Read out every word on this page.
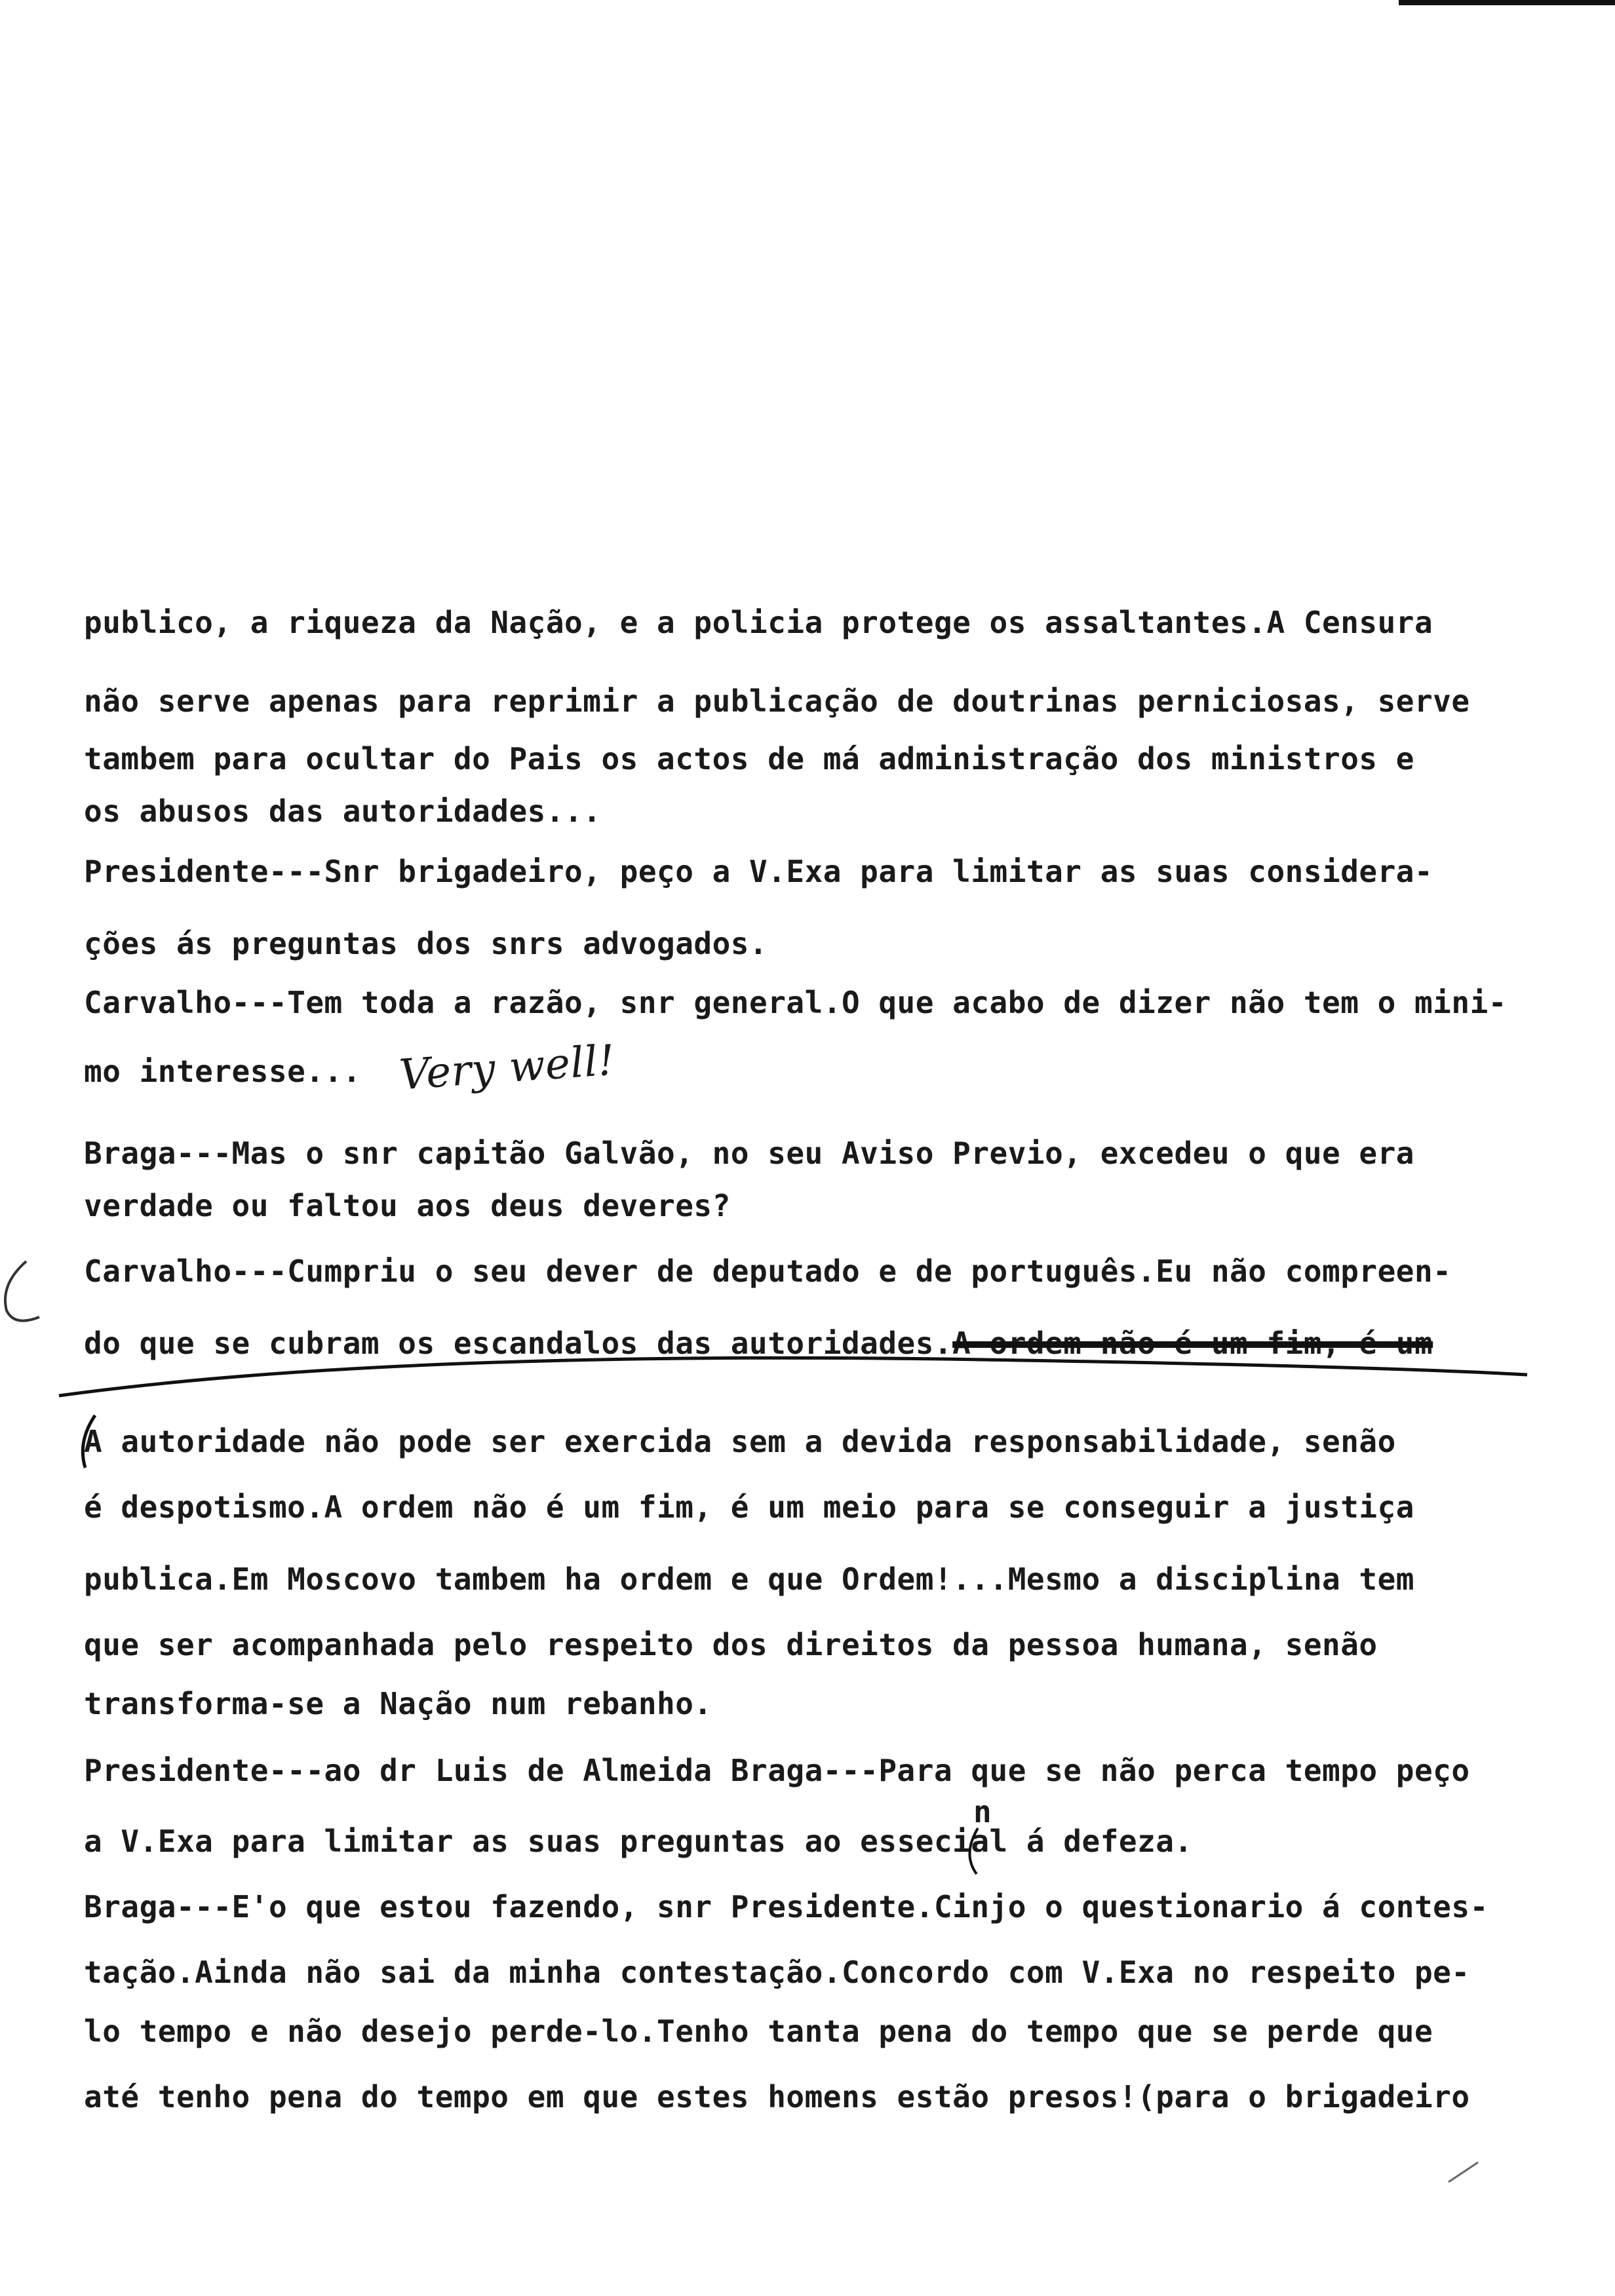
publico, a riqueza da Nação, e a policia protege os assaltantes.A Censura
não serve apenas para reprimir a publicação de doutrinas perniciosas, serve
tambem para ocultar do Pais os actos de má administração dos ministros e
os abusos das autoridades...
Presidente---Snr brigadeiro, peço a V.Exa para limitar as suas considera-
ções ás preguntas dos snrs advogados.
Carvalho---Tem toda a razão, snr general.O que acabo de dizer não tem o mini-
mo interesse... Very well!
Braga---Mas o snr capitão Galvão, no seu Aviso Previo, excedeu o que era
verdade ou faltou aos deus deveres?
Carvalho---Cumpriu o seu dever de deputado e de português.Eu não compreen-
do que se cubram os escandalos das autoridades.A ordem não é um fim, é um
A autoridade não pode ser exercida sem a devida responsabilidade, senão
é despotismo.A ordem não é um fim, é um meio para se conseguir a justiça
publica.Em Moscovo tambem ha ordem e que Ordem!...Mesmo a disciplina tem
que ser acompanhada pelo respeito dos direitos da pessoa humana, senão
transforma-se a Nação num rebanho.
Presidente---ao dr Luis de Almeida Braga---Para que se não perca tempo peço
n
a V.Exa para limitar as suas preguntas ao essecial á defeza.
Braga---E'o que estou fazendo, snr Presidente.Cinjo o questionario á contes-
tação.Ainda não sai da minha contestação.Concordo com V.Exa no respeito pe-
lo tempo e não desejo perde-lo.Tenho tanta pena do tempo que se perde que
até tenho pena do tempo em que estes homens estão presos!(para o brigadeiro
